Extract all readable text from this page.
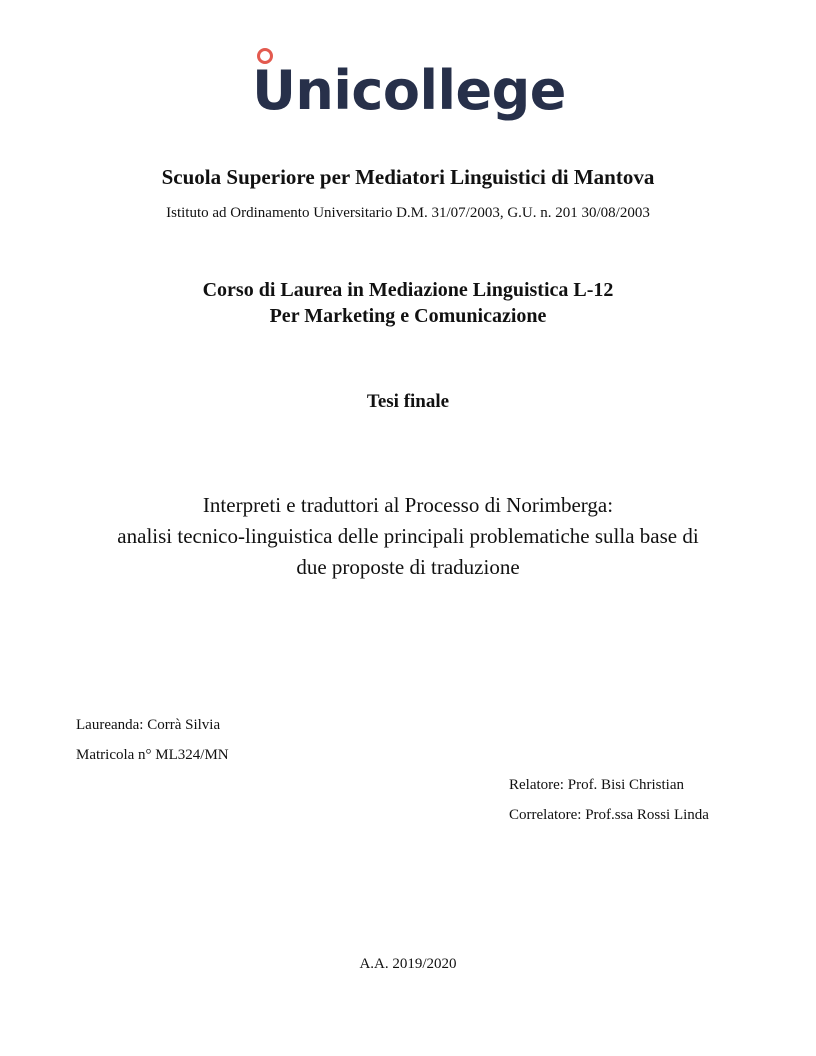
Unicollege
Scuola Superiore per Mediatori Linguistici di Mantova
Istituto ad Ordinamento Universitario D.M. 31/07/2003, G.U. n. 201 30/08/2003
Corso di Laurea in Mediazione Linguistica L-12
Per Marketing e Comunicazione
Tesi finale
Interpreti e traduttori al Processo di Norimberga:
analisi tecnico-linguistica delle principali problematiche sulla base di
due proposte di traduzione
Laureanda: Corrà Silvia
Matricola n° ML324/MN
Relatore: Prof. Bisi Christian
Correlatore: Prof.ssa Rossi Linda
A.A. 2019/2020
